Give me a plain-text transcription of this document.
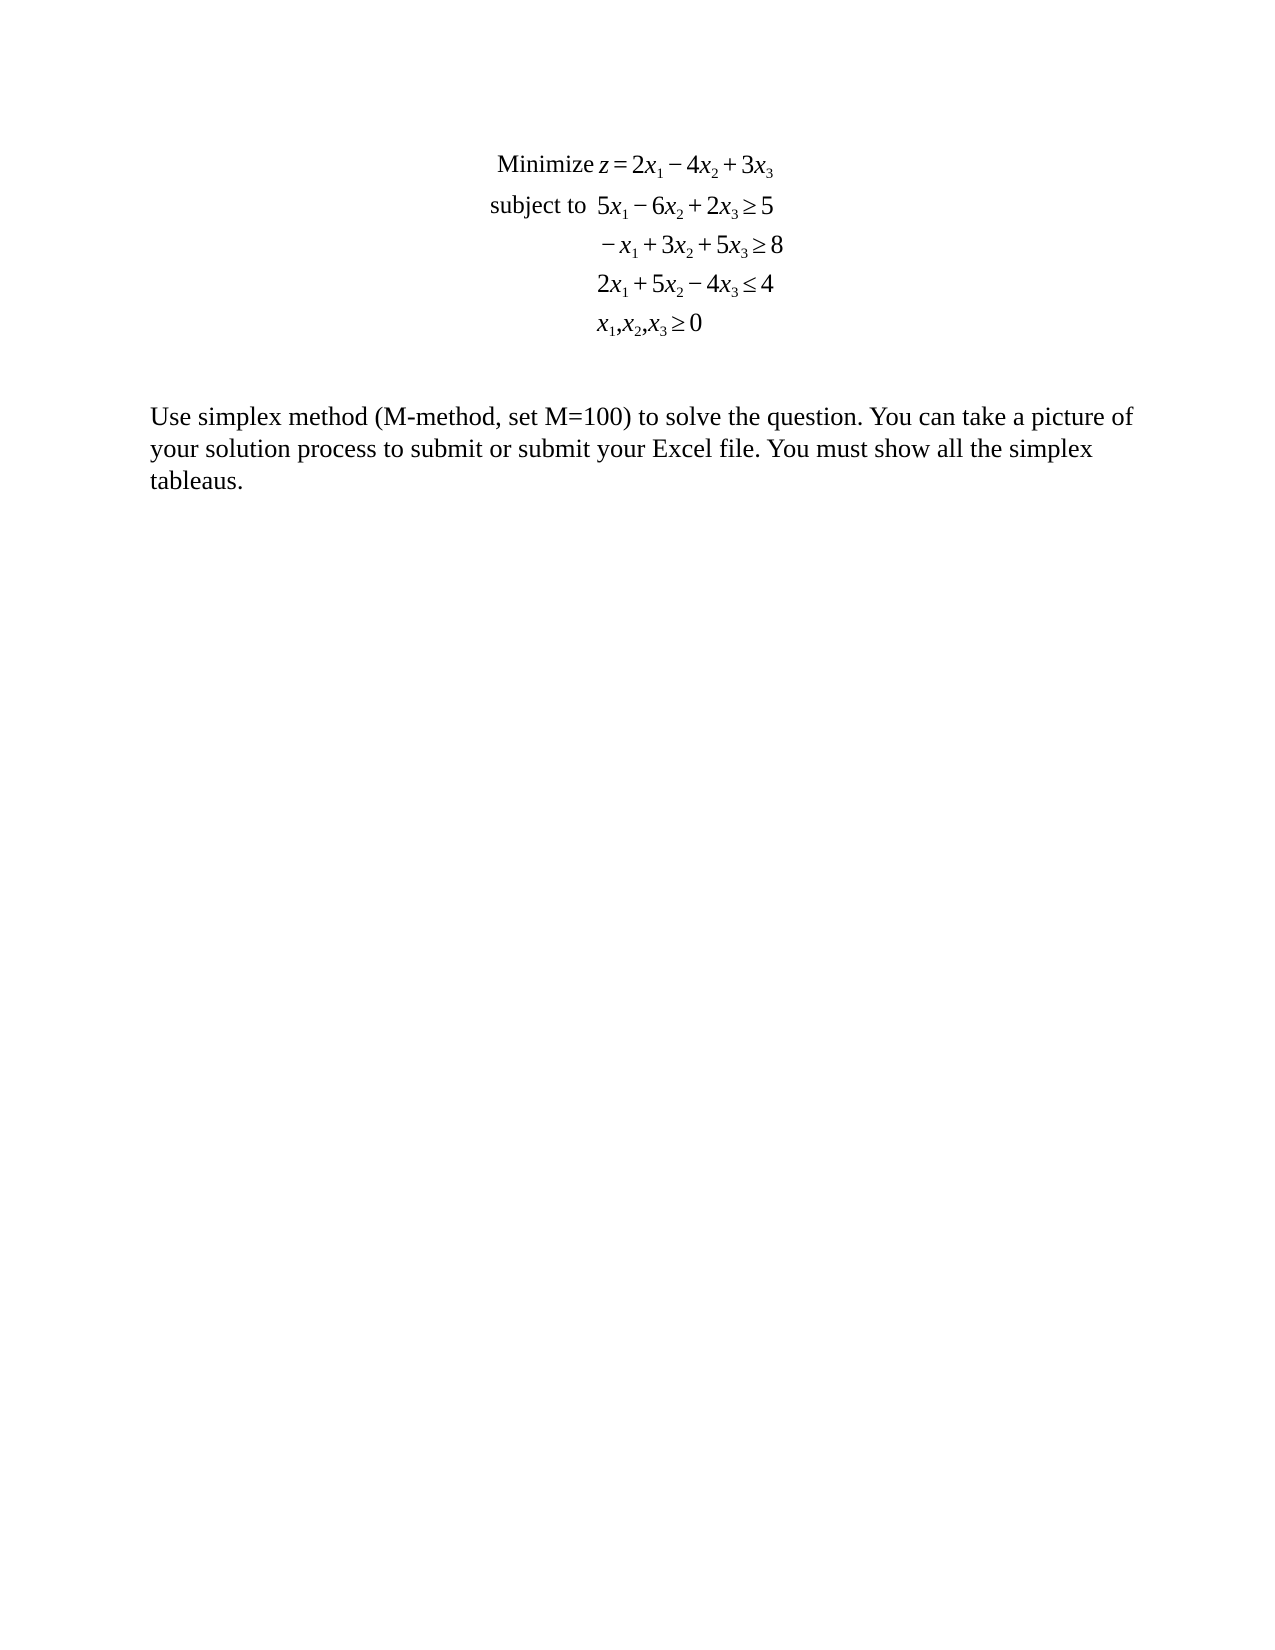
Minimize $z = 2x_1 - 4x_2 + 3x_3$
subject to $5x_1 - 6x_2 + 2x_3 \ge 5$
− $x_1 + 3x_2 + 5x_3 \ge 8$
$2x_1 + 5x_2 - 4x_3 \le 4$
$x_1,x_2,x_3 \ge 0$

Use simplex method (M-method, set M=100) to solve the question. You can take a picture of your solution process to submit or submit your Excel file. You must show all the simplex tableaus.
